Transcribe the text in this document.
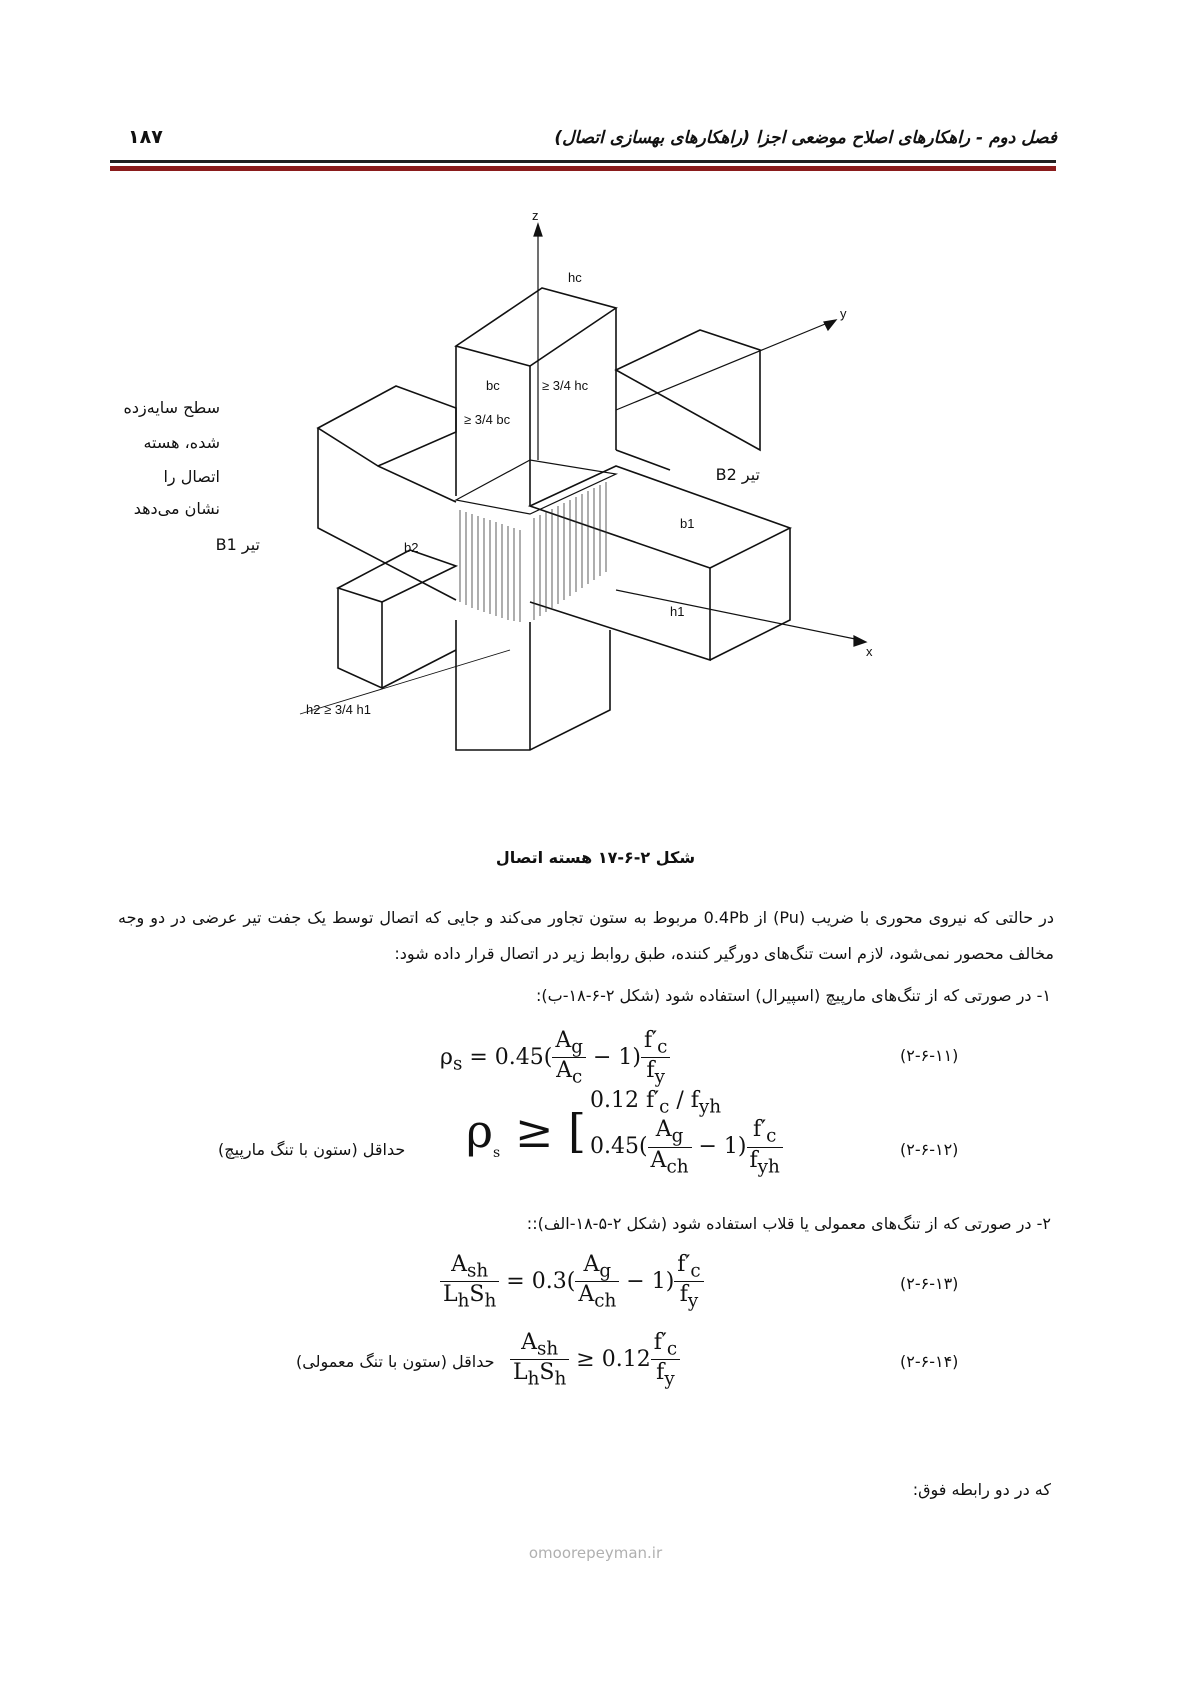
فصل دوم - راهکارهای اصلاح موضعی اجزا (راهکارهای بهسازی اتصال)
۱۸۷
z
y
x
hc
bc	≥ 3/4 hc
≥ 3/4 bc
b1
b2
h1
h2 ≥ 3/4 h1
سطح سایه‌زده
شده، هسته
اتصال را
نشان می‌دهد
تیر B1
تیر B2
شکل ۲-۶-۱۷ هسته اتصال
در حالتی که نیروی محوری با ضریب (Pu) از 0.4Pb مربوط به ستون تجاور می‌کند و جایی که اتصال توسط یک جفت تیر عرضی در دو وجه مخالف محصور نمی‌شود، لازم است تنگ‌های دورگیر کننده، طبق روابط زیر در اتصال قرار داده شود:
۱- در صورتی که از تنگ‌های مارپیچ (اسپیرال) استفاده شود (شکل ۲-۶-۱۸-ب):
$\rho_s = 0.45( \frac{A_g}{A_c} - 1) \frac{f'_c}{f_y}$	(۲-۶-۱۱)
$\rho_s$ ≥ [
0.12 $f'_c / f_{yh}$
$0.45( \frac{A_g}{A_{ch}} - 1) \frac{f'_c}{f_{yh}}$
حداقل (ستون با تنگ مارپیچ)	(۲-۶-۱۲)
۲- در صورتی که از تنگ‌های معمولی یا قلاب استفاده شود (شکل ۲-۵-۱۸-الف)::
$\frac{A_{sh}}{L_hS_h} = 0.3( \frac{A_g}{A_{ch}} - 1) \frac{f'_c}{f_y}$	(۲-۶-۱۳)
$\frac{A_{sh}}{L_hS_h} \ge 0.12 \frac{f'_c}{f_y}$
حداقل (ستون با تنگ معمولی)	(۲-۶-۱۴)
که در دو رابطه فوق:
omoorepeyman.ir
